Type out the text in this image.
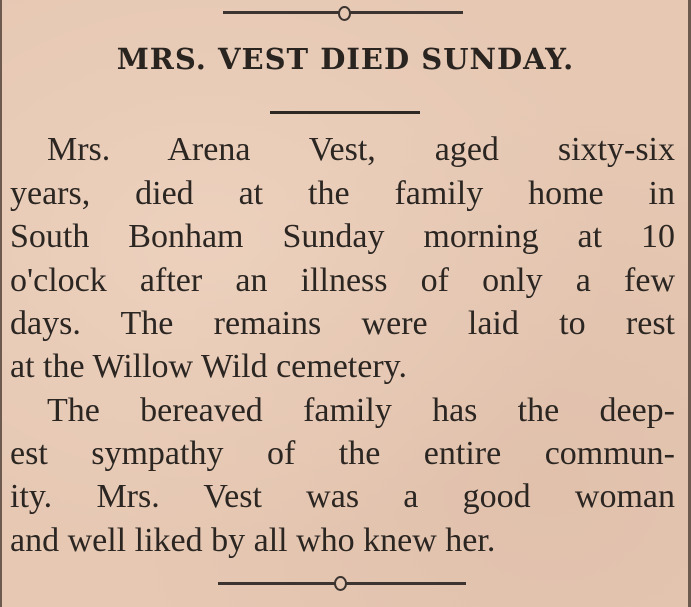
MRS. VEST DIED SUNDAY.

Mrs. Arena Vest, aged sixty-six

years, died at the family home in

South Bonham Sunday morning at 10

o'clock after an illness of only a few

days. The remains were laid to rest

at the Willow Wild cemetery.

The bereaved family has the deep-

est sympathy of the entire commun-

ity. Mrs. Vest was a good woman

and well liked by all who knew her.
